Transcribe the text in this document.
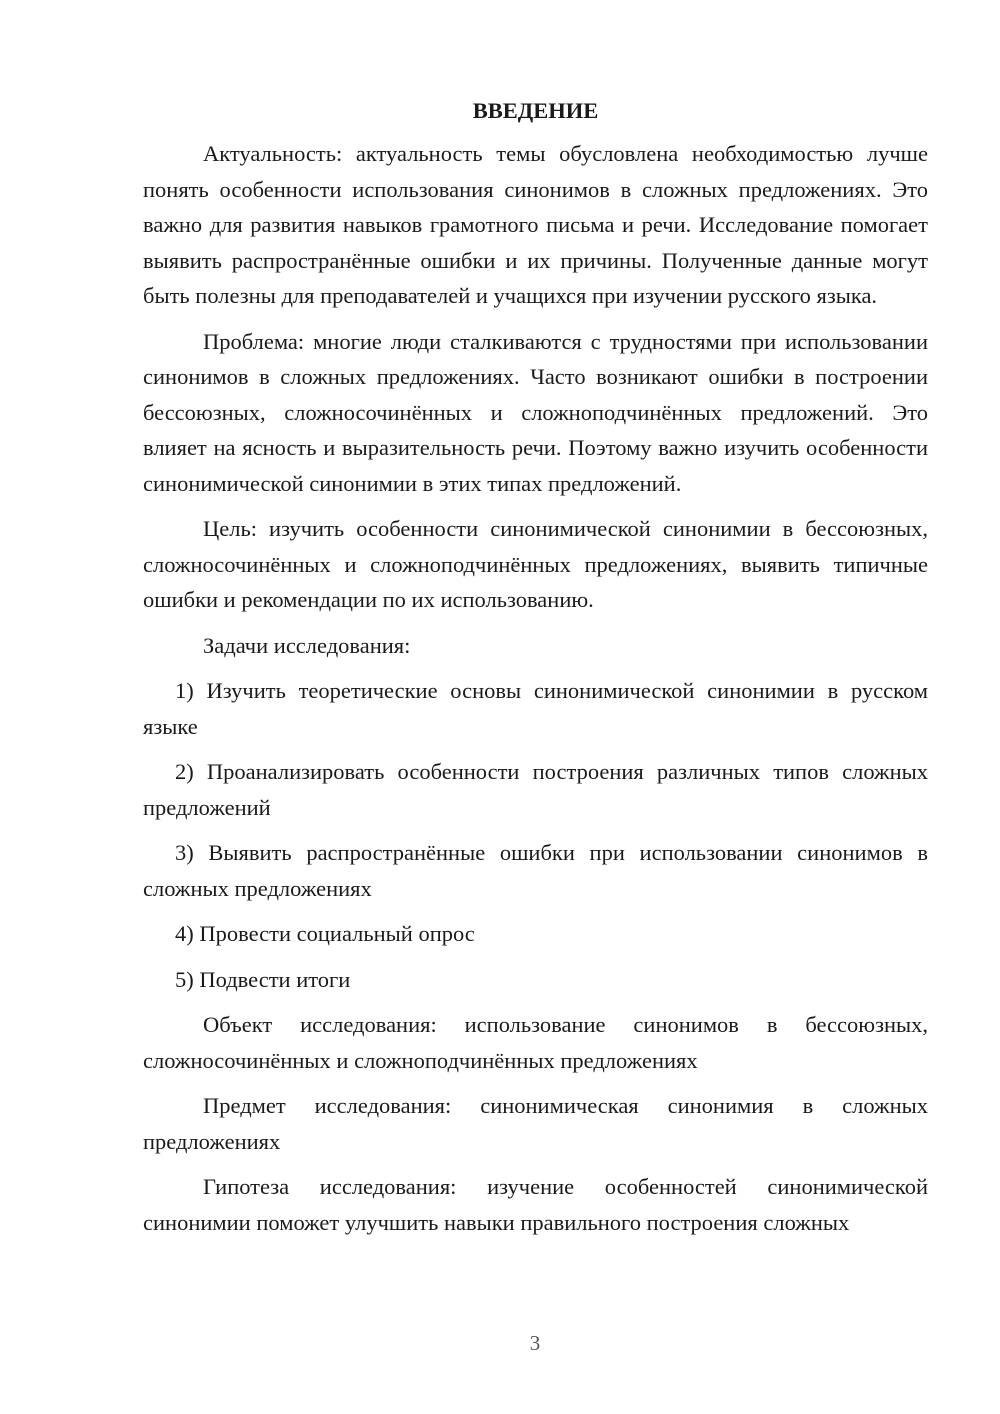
ВВЕДЕНИЕ

Актуальность: актуальность темы обусловлена необходимостью лучше понять особенности использования синонимов в сложных предложениях. Это важно для развития навыков грамотного письма и речи. Исследование помогает выявить распространённые ошибки и их причины. Полученные данные могут быть полезны для преподавателей и учащихся при изучении русского языка.

Проблема: многие люди сталкиваются с трудностями при использовании синонимов в сложных предложениях. Часто возникают ошибки в построении бессоюзных, сложносочинённых и сложноподчинённых предложений. Это влияет на ясность и выразительность речи. Поэтому важно изучить особенности синонимической синонимии в этих типах предложений.

Цель: изучить особенности синонимической синонимии в бессоюзных, сложносочинённых и сложноподчинённых предложениях, выявить типичные ошибки и рекомендации по их использованию.

Задачи исследования:

1) Изучить теоретические основы синонимической синонимии в русском языке

2) Проанализировать особенности построения различных типов сложных предложений

3) Выявить распространённые ошибки при использовании синонимов в сложных предложениях

4) Провести социальный опрос

5) Подвести итоги

Объект исследования: использование синонимов в бессоюзных, сложносочинённых и сложноподчинённых предложениях

Предмет исследования: синонимическая синонимия в сложных предложениях

Гипотеза исследования: изучение особенностей синонимической синонимии поможет улучшить навыки правильного построения сложных

3
